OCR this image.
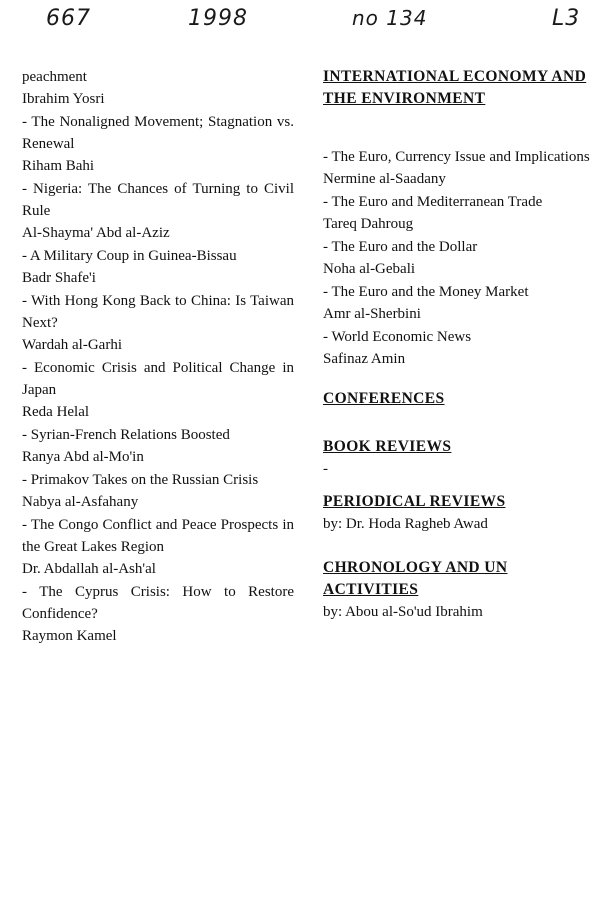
667	1998	no 134	L3

peachment

Ibrahim Yosri

- The Nonaligned Movement; Stagnation vs. Renewal

Riham Bahi

- Nigeria: The Chances of Turning to Civil Rule

Al-Shayma' Abd al-Aziz

- A Military Coup in Guinea-Bissau

Badr Shafe'i

- With Hong Kong Back to China: Is Taiwan Next?

Wardah al-Garhi

- Economic Crisis and Political Change in Japan

Reda Helal

- Syrian-French Relations Boosted

Ranya Abd al-Mo'in

- Primakov Takes on the Russian Crisis

Nabya al-Asfahany

- The Congo Conflict and Peace Prospects in the Great Lakes Region

Dr. Abdallah al-Ash'al

- The Cyprus Crisis: How to Restore Confidence?

Raymon Kamel

INTERNATIONAL ECONOMY AND THE ENVIRONMENT

- The Euro, Currency Issue and Implications

Nermine al-Saadany

- The Euro and Mediterranean Trade

Tareq Dahroug

- The Euro and the Dollar

Noha al-Gebali

- The Euro and the Money Market

Amr al-Sherbini

- World Economic News

Safinaz Amin

CONFERENCES

BOOK REVIEWS

-

PERIODICAL REVIEWS

by: Dr. Hoda Ragheb Awad

CHRONOLOGY AND UN ACTIVITIES

by: Abou al-So'ud Ibrahim
